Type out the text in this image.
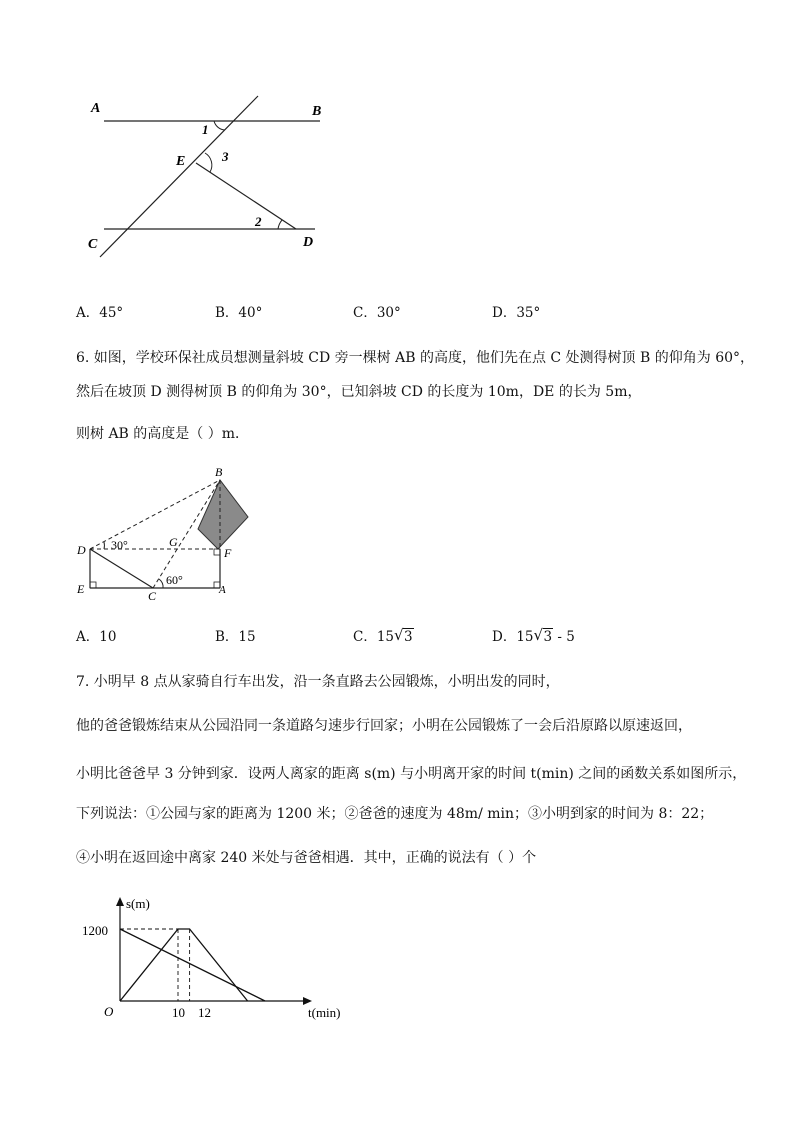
A	B
E
C	D
1
3
2
A．45°	B．40°	C．30°	D．35°
6. 如图，学校环保社成员想测量斜坡 CD 旁一棵树 AB 的高度，他们先在点 C 处测得树顶 B 的仰角为 60°，
然后在坡顶 D 测得树顶 B 的仰角为 30°，已知斜坡 CD 的长度为 10m，DE 的长为 5m，
则树 AB 的高度是（ ）m．
B
D
G
F
E	C	A
30°
60°
A．10	B．15	C．15 √ 3	D．15 √ 3 - 5
7. 小明早 8 点从家骑自行车出发，沿一条直路去公园锻炼，小明出发的同时，
他的爸爸锻炼结束从公园沿同一条道路匀速步行回家；小明在公园锻炼了一会后沿原路以原速返回，
小明比爸爸早 3 分钟到家．设两人离家的距离 s(m) 与小明离开家的时间 t(min) 之间的函数关系如图所示，
下列说法：①公园与家的距离为 1200 米；②爸爸的速度为 48m/ min；③小明到家的时间为 8：22；
④小明在返回途中离家 240 米处与爸爸相遇．其中，正确的说法有（ ）个
s(m)
t(min)
O
1200
10 12
